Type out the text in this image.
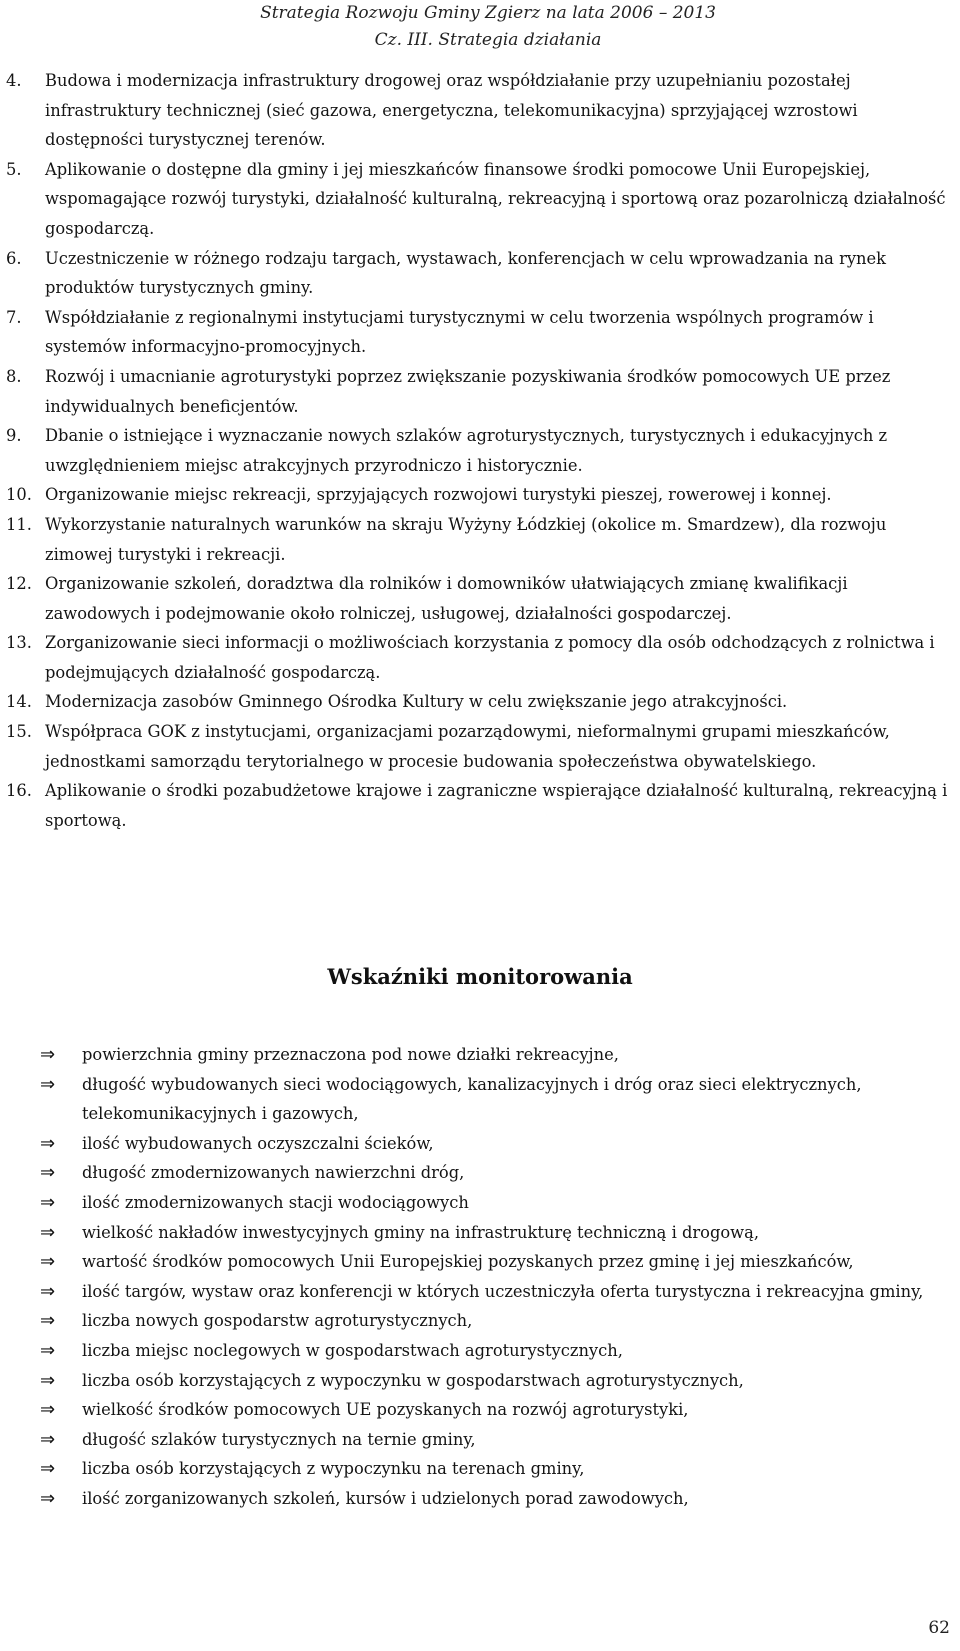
Strategia Rozwoju Gminy Zgierz na lata 2006 – 2013
Cz. III. Strategia działania
4.	Budowa i modernizacja infrastruktury drogowej oraz współdziałanie przy uzupełnianiu pozostałej infrastruktury technicznej (sieć gazowa, energetyczna, telekomunikacyjna) sprzyjającej wzrostowi dostępności turystycznej terenów.
5.	Aplikowanie o dostępne dla gminy i jej mieszkańców finansowe środki pomocowe Unii Europejskiej, wspomagające rozwój turystyki, działalność kulturalną, rekreacyjną i sportową oraz pozarolniczą działalność gospodarczą.
6.	Uczestniczenie w różnego rodzaju targach, wystawach, konferencjach w celu wprowadzania na rynek produktów turystycznych gminy.
7.	Współdziałanie z regionalnymi instytucjami turystycznymi w celu tworzenia wspólnych programów i systemów informacyjno-promocyjnych.
8.	Rozwój i umacnianie agroturystyki poprzez zwiększanie pozyskiwania środków pomocowych UE przez indywidualnych beneficjentów.
9.	Dbanie o istniejące i wyznaczanie nowych szlaków agroturystycznych, turystycznych i edukacyjnych z uwzględnieniem miejsc atrakcyjnych przyrodniczo i historycznie.
10. Organizowanie miejsc rekreacji, sprzyjających rozwojowi turystyki pieszej, rowerowej i konnej.
11. Wykorzystanie naturalnych warunków na skraju Wyżyny Łódzkiej (okolice m. Smardzew), dla rozwoju zimowej turystyki i rekreacji.
12. Organizowanie szkoleń, doradztwa dla rolników i domowników ułatwiających zmianę kwalifikacji zawodowych i podejmowanie około rolniczej, usługowej, działalności gospodarczej.
13. Zorganizowanie sieci informacji o możliwościach korzystania z pomocy dla osób odchodzących z rolnictwa i podejmujących działalność gospodarczą.
14. Modernizacja zasobów Gminnego Ośrodka Kultury w celu zwiększanie jego atrakcyjności.
15. Współpraca GOK z instytucjami, organizacjami pozarządowymi, nieformalnymi grupami mieszkańców, jednostkami samorządu terytorialnego w procesie budowania społeczeństwa obywatelskiego.
16. Aplikowanie o środki pozabudżetowe krajowe i zagraniczne wspierające działalność kulturalną, rekreacyjną i sportową.
Wskaźniki monitorowania
⇒	powierzchnia gminy przeznaczona pod nowe działki rekreacyjne,
⇒	długość wybudowanych sieci wodociągowych, kanalizacyjnych i dróg oraz sieci elektrycznych, telekomunikacyjnych i gazowych,
⇒	ilość wybudowanych oczyszczalni ścieków,
⇒	długość zmodernizowanych nawierzchni dróg,
⇒	ilość zmodernizowanych stacji wodociągowych
⇒	wielkość nakładów inwestycyjnych gminy na infrastrukturę techniczną i drogową,
⇒	wartość środków pomocowych Unii Europejskiej pozyskanych przez gminę i jej mieszkańców,
⇒	ilość targów, wystaw oraz konferencji w których uczestniczyła oferta turystyczna i rekreacyjna gminy,
⇒	liczba nowych gospodarstw agroturystycznych,
⇒	liczba miejsc noclegowych w gospodarstwach agroturystycznych,
⇒	liczba osób korzystających z wypoczynku w gospodarstwach agroturystycznych,
⇒	wielkość środków pomocowych UE pozyskanych na rozwój agroturystyki,
⇒	długość szlaków turystycznych na ternie gminy,
⇒	liczba osób korzystających z wypoczynku na terenach gminy,
⇒	ilość zorganizowanych szkoleń, kursów i udzielonych porad zawodowych,
62
